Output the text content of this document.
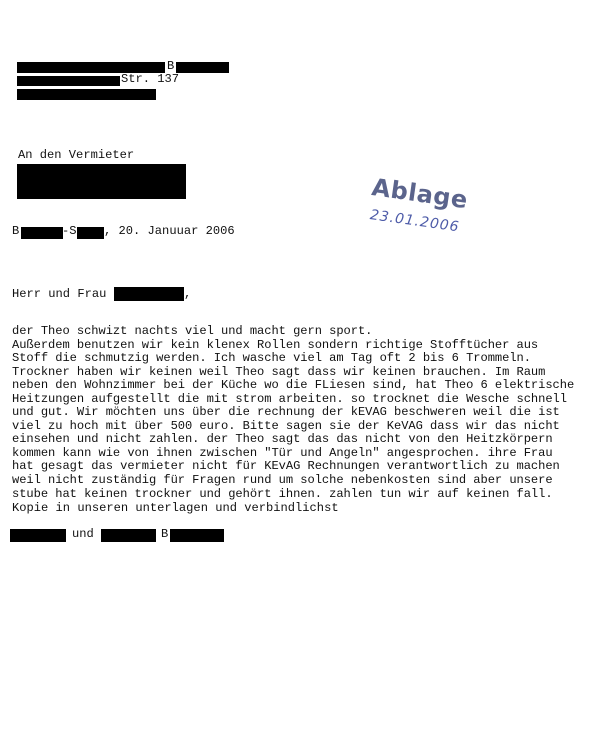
B
Str. 137
An den Vermieter
Ablage
23.01.2006
B	-S , 20. Januuar 2006
Herr und Frau	,
der Theo schwizt nachts viel und macht gern sport.
Außerdem benutzen wir kein klenex Rollen sondern richtige Stofftücher aus
Stoff die schmutzig werden. Ich wasche viel am Tag oft 2 bis 6 Trommeln.
Trockner haben wir keinen weil Theo sagt dass wir keinen brauchen. Im Raum
neben den Wohnzimmer bei der Küche wo die FLiesen sind, hat Theo 6 elektrische
Heitzungen aufgestellt die mit strom arbeiten. so trocknet die Wesche schnell
und gut. Wir möchten uns über die rechnung der kEVAG beschweren weil die ist
viel zu hoch mit über 500 euro. Bitte sagen sie der KeVAG dass wir das nicht
einsehen und nicht zahlen. der Theo sagt das das nicht von den Heitzkörpern
kommen kann wie von ihnen zwischen "Tür und Angeln" angesprochen. ihre Frau
hat gesagt das vermieter nicht für KEvAG Rechnungen verantwortlich zu machen
weil nicht zuständig für Fragen rund um solche nebenkosten sind aber unsere
stube hat keinen trockner und gehört ihnen. zahlen tun wir auf keinen fall.
Kopie in unseren unterlagen und verbindlichst
und	B
